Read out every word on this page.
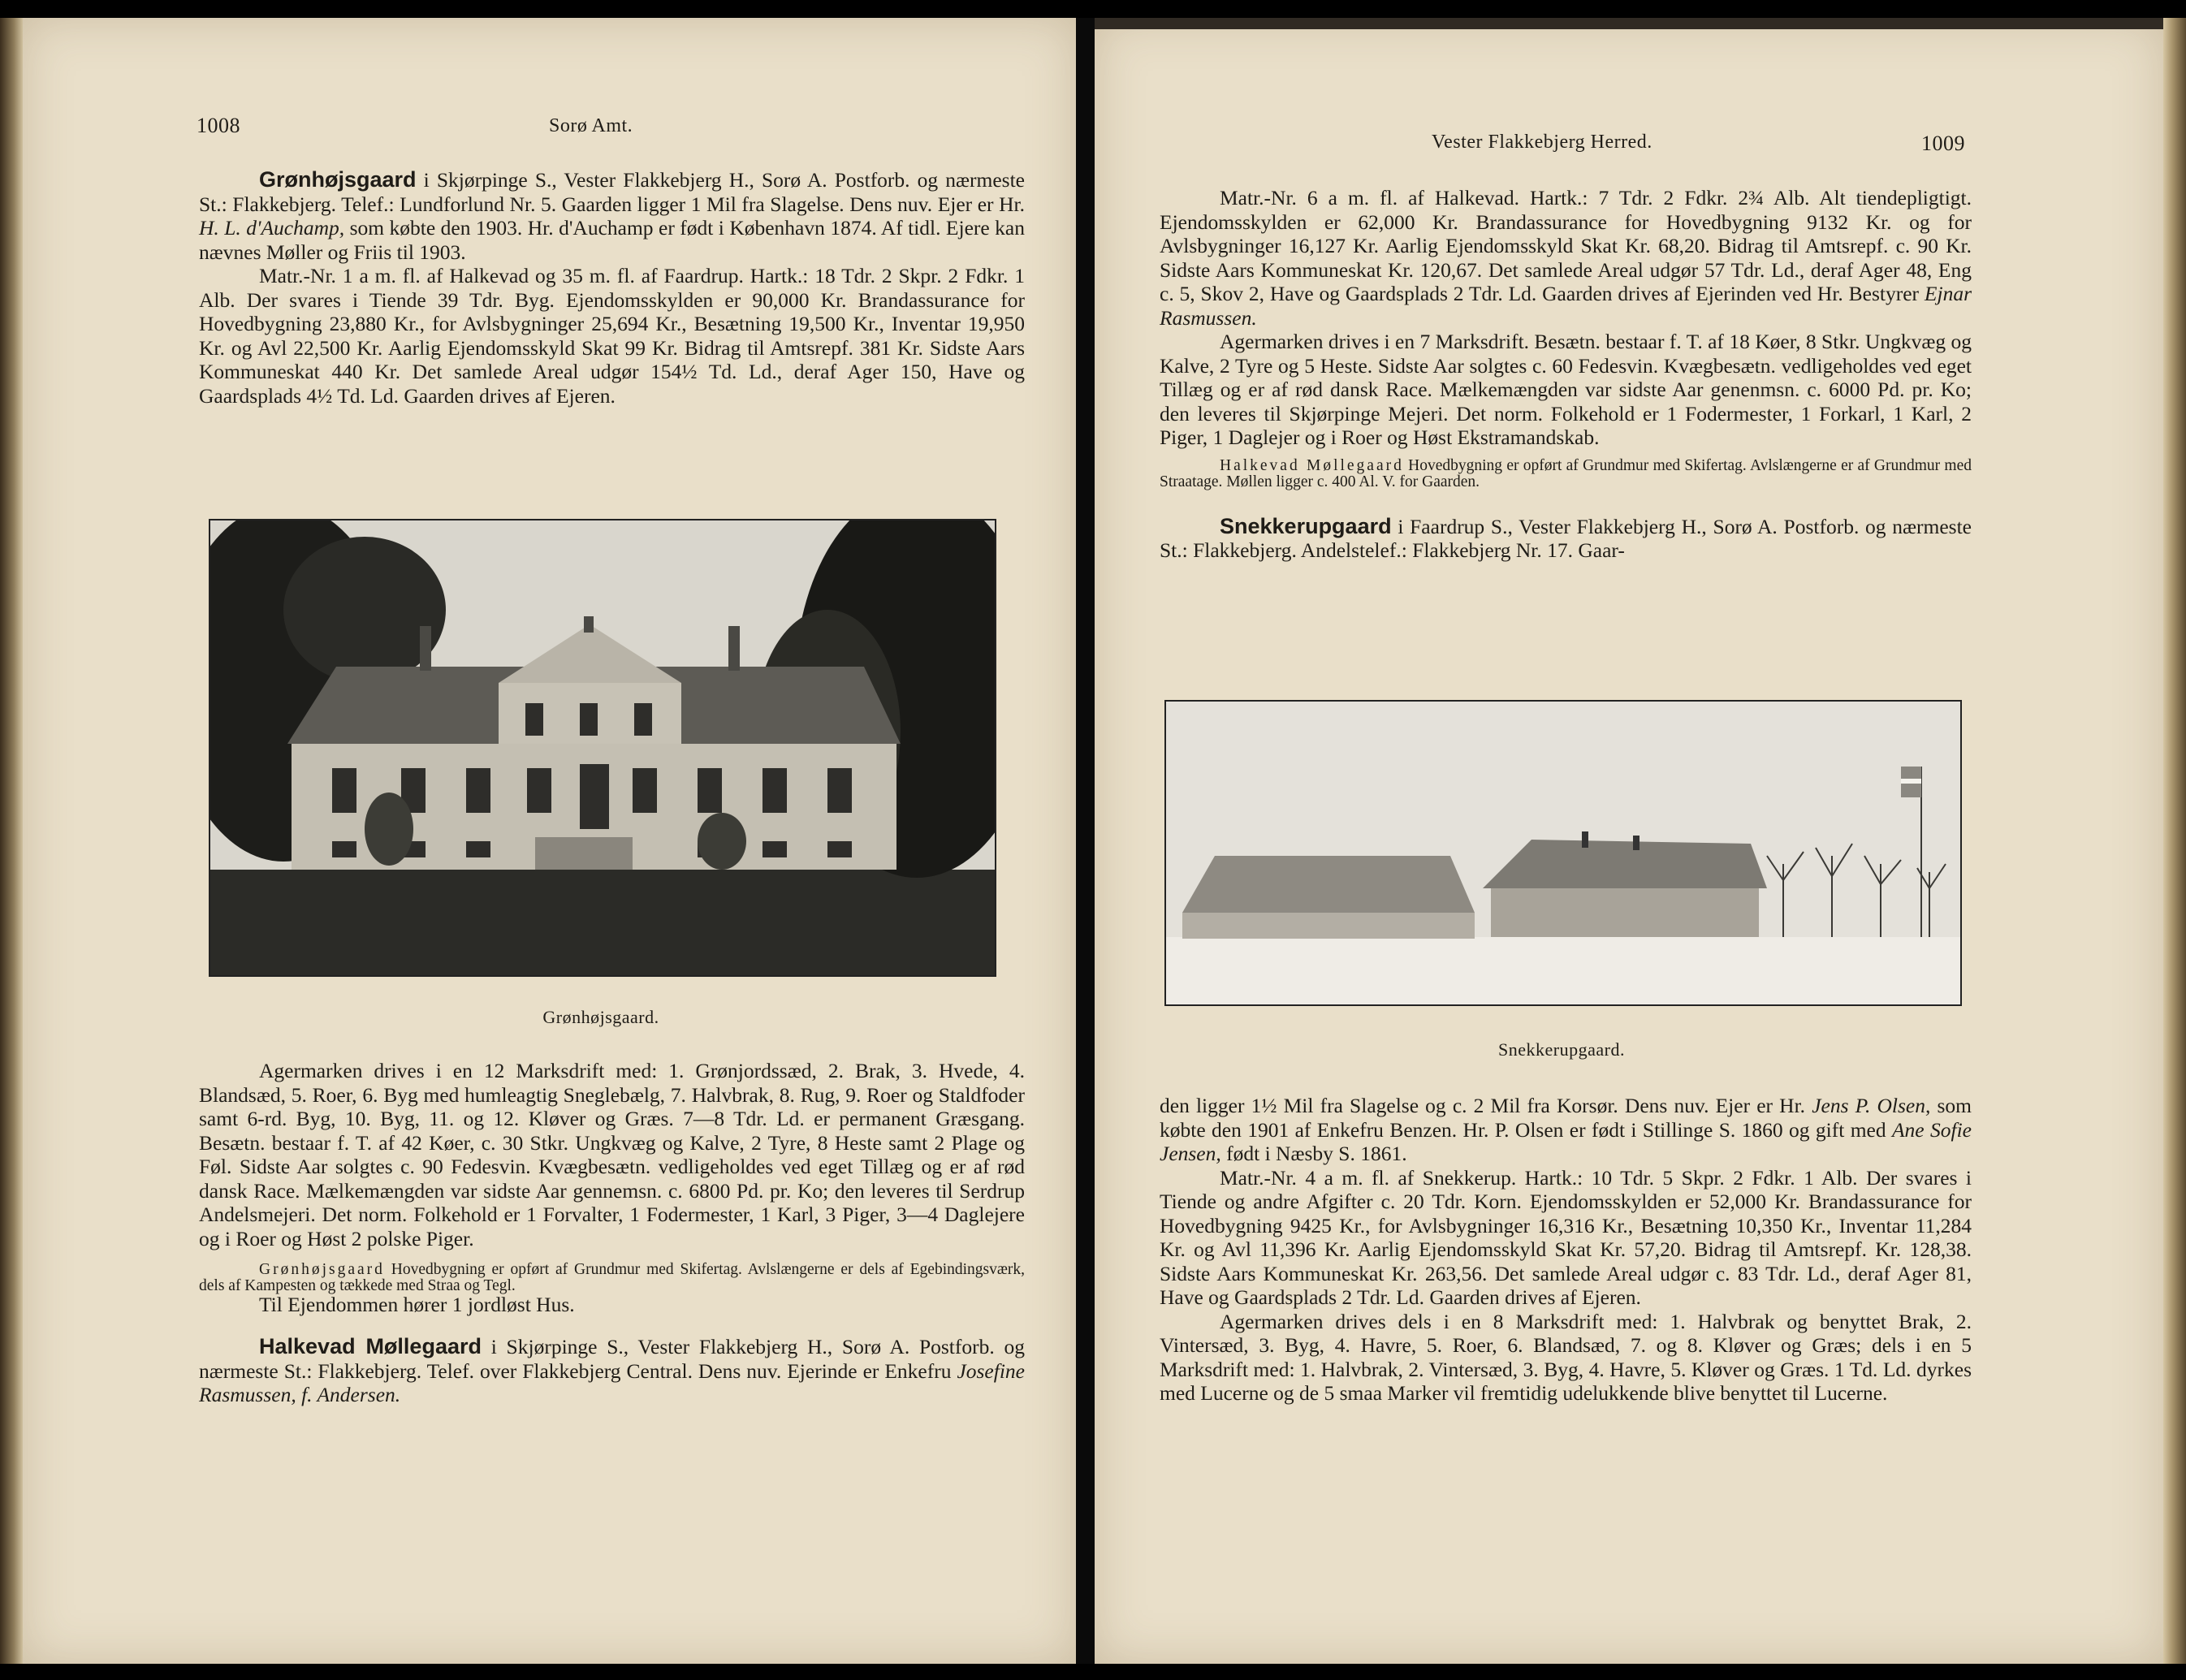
1008	Sorø Amt.

Grønhøjsgaard i Skjørpinge S., Vester Flakkebjerg H., Sorø A. Postforb. og nærmeste St.: Flakkebjerg. Telef.: Lundforlund Nr. 5. Gaarden ligger 1 Mil fra Slagelse. Dens nuv. Ejer er Hr. H. L. d'Auchamp, som købte den 1903. Hr. d'Auchamp er født i København 1874. Af tidl. Ejere kan nævnes Møller og Friis til 1903.

Matr.-Nr. 1 a m. fl. af Halkevad og 35 m. fl. af Faardrup. Hartk.: 18 Tdr. 2 Skpr. 2 Fdkr. 1 Alb. Der svares i Tiende 39 Tdr. Byg. Ejendomsskylden er 90,000 Kr. Brandassurance for Hovedbygning 23,880 Kr., for Avlsbygninger 25,694 Kr., Besætning 19,500 Kr., Inventar 19,950 Kr. og Avl 22,500 Kr. Aarlig Ejendomsskyld Skat 99 Kr. Bidrag til Amtsrepf. 381 Kr. Sidste Aars Kommuneskat 440 Kr. Det samlede Areal udgør 154½ Td. Ld., deraf Ager 150, Have og Gaardsplads 4½ Td. Ld. Gaarden drives af Ejeren.

Grønhøjsgaard.

Agermarken drives i en 12 Marksdrift med: 1. Grønjordssæd, 2. Brak, 3. Hvede, 4. Blandsæd, 5. Roer, 6. Byg med humleagtig Sneglebælg, 7. Halvbrak, 8. Rug, 9. Roer og Staldfoder samt 6-rd. Byg, 10. Byg, 11. og 12. Kløver og Græs. 7—8 Tdr. Ld. er permanent Græsgang. Besætn. bestaar f. T. af 42 Køer, c. 30 Stkr. Ungkvæg og Kalve, 2 Tyre, 8 Heste samt 2 Plage og Føl. Sidste Aar solgtes c. 90 Fedesvin. Kvægbesætn. vedligeholdes ved eget Tillæg og er af rød dansk Race. Mælkemængden var sidste Aar gennemsn. c. 6800 Pd. pr. Ko; den leveres til Serdrup Andelsmejeri. Det norm. Folkehold er 1 Forvalter, 1 Fodermester, 1 Karl, 3 Piger, 3—4 Daglejere og i Roer og Høst 2 polske Piger.

Grønhøjsgaard Hovedbygning er opført af Grundmur med Skifertag. Avlslængerne er dels af Egebindingsværk, dels af Kampesten og tækkede med Straa og Tegl.

Til Ejendommen hører 1 jordløst Hus.

Halkevad Møllegaard i Skjørpinge S., Vester Flakkebjerg H., Sorø A. Postforb. og nærmeste St.: Flakkebjerg. Telef. over Flakkebjerg Central. Dens nuv. Ejerinde er Enkefru Josefine Rasmussen, f. Andersen.

Vester Flakkebjerg Herred.	1009

Matr.-Nr. 6 a m. fl. af Halkevad. Hartk.: 7 Tdr. 2 Fdkr. 2¾ Alb. Alt tiendepligtigt. Ejendomsskylden er 62,000 Kr. Brandassurance for Hovedbygning 9132 Kr. og for Avlsbygninger 16,127 Kr. Aarlig Ejendomsskyld Skat Kr. 68,20. Bidrag til Amtsrepf. c. 90 Kr. Sidste Aars Kommuneskat Kr. 120,67. Det samlede Areal udgør 57 Tdr. Ld., deraf Ager 48, Eng c. 5, Skov 2, Have og Gaardsplads 2 Tdr. Ld. Gaarden drives af Ejerinden ved Hr. Bestyrer Ejnar Rasmussen.

Agermarken drives i en 7 Marksdrift. Besætn. bestaar f. T. af 18 Køer, 8 Stkr. Ungkvæg og Kalve, 2 Tyre og 5 Heste. Sidste Aar solgtes c. 60 Fedesvin. Kvægbesætn. vedligeholdes ved eget Tillæg og er af rød dansk Race. Mælkemængden var sidste Aar genenmsn. c. 6000 Pd. pr. Ko; den leveres til Skjørpinge Mejeri. Det norm. Folkehold er 1 Fodermester, 1 Forkarl, 1 Karl, 2 Piger, 1 Daglejer og i Roer og Høst Ekstramandskab.

Halkevad Møllegaard Hovedbygning er opført af Grundmur med Skifertag. Avlslængerne er af Grundmur med Straatage. Møllen ligger c. 400 Al. V. for Gaarden.

Snekkerupgaard i Faardrup S., Vester Flakkebjerg H., Sorø A. Postforb. og nærmeste St.: Flakkebjerg. Andelstelef.: Flakkebjerg Nr. 17. Gaar-

Snekkerupgaard.

den ligger 1½ Mil fra Slagelse og c. 2 Mil fra Korsør. Dens nuv. Ejer er Hr. Jens P. Olsen, som købte den 1901 af Enkefru Benzen. Hr. P. Olsen er født i Stillinge S. 1860 og gift med Ane Sofie Jensen, født i Næsby S. 1861.

Matr.-Nr. 4 a m. fl. af Snekkerup. Hartk.: 10 Tdr. 5 Skpr. 2 Fdkr. 1 Alb. Der svares i Tiende og andre Afgifter c. 20 Tdr. Korn. Ejendomsskylden er 52,000 Kr. Brandassurance for Hovedbygning 9425 Kr., for Avlsbygninger 16,316 Kr., Besætning 10,350 Kr., Inventar 11,284 Kr. og Avl 11,396 Kr. Aarlig Ejendomsskyld Skat Kr. 57,20. Bidrag til Amtsrepf. Kr. 128,38. Sidste Aars Kommuneskat Kr. 263,56. Det samlede Areal udgør c. 83 Tdr. Ld., deraf Ager 81, Have og Gaardsplads 2 Tdr. Ld. Gaarden drives af Ejeren.

Agermarken drives dels i en 8 Marksdrift med: 1. Halvbrak og benyttet Brak, 2. Vintersæd, 3. Byg, 4. Havre, 5. Roer, 6. Blandsæd, 7. og 8. Kløver og Græs; dels i en 5 Marksdrift med: 1. Halvbrak, 2. Vintersæd, 3. Byg, 4. Havre, 5. Kløver og Græs. 1 Td. Ld. dyrkes med Lucerne og de 5 smaa Marker vil fremtidig udelukkende blive benyttet til Lucerne.
